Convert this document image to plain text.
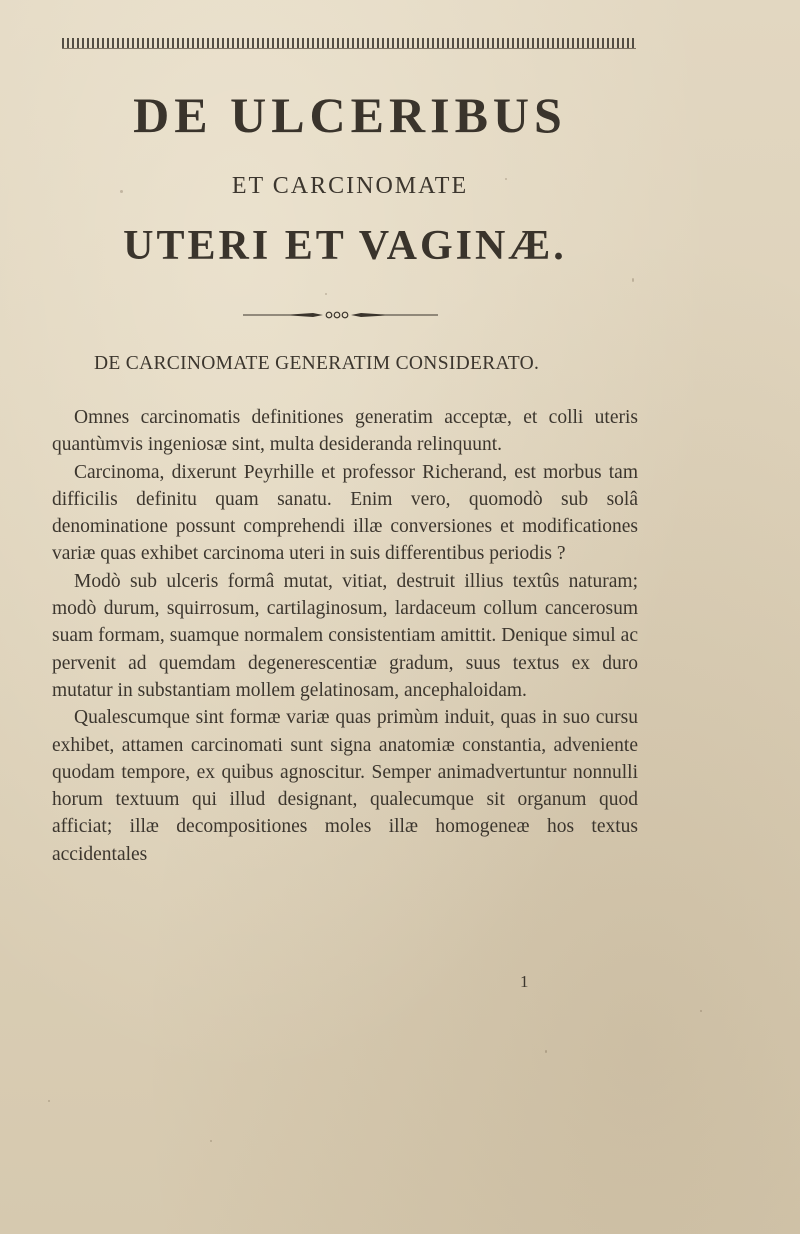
DE ULCERIBUS
ET CARCINOMATE
UTERI ET VAGINÆ.
DE CARCINOMATE GENERATIM CONSIDERATO.

Omnes carcinomatis definitiones generatim acceptæ, et colli uteris quantùmvis ingeniosæ sint, multa desideranda relinquunt.

Carcinoma, dixerunt Peyrhille et professor Richerand, est morbus tam difficilis definitu quam sanatu. Enim vero, quomodò sub solâ denominatione possunt comprehendi illæ conversiones et modificationes variæ quas exhibet carcinoma uteri in suis differentibus periodis ?

Modò sub ulceris formâ mutat, vitiat, destruit illius textûs naturam; modò durum, squirrosum, cartilaginosum, lardaceum collum cancerosum suam formam, suamque normalem consistentiam amittit. Denique simul ac pervenit ad quemdam degenerescentiæ gradum, suus textus ex duro mutatur in substantiam mollem gelatinosam, ancephaloidam.

Qualescumque sint formæ variæ quas primùm induit, quas in suo cursu exhibet, attamen carcinomati sunt signa anatomiæ constantia, adveniente quodam tempore, ex quibus agnoscitur. Semper animadvertuntur nonnulli horum textuum qui illud designant, qualecumque sit organum quod afficiat; illæ decompositiones moles illæ homogeneæ hos textus accidentales

1
